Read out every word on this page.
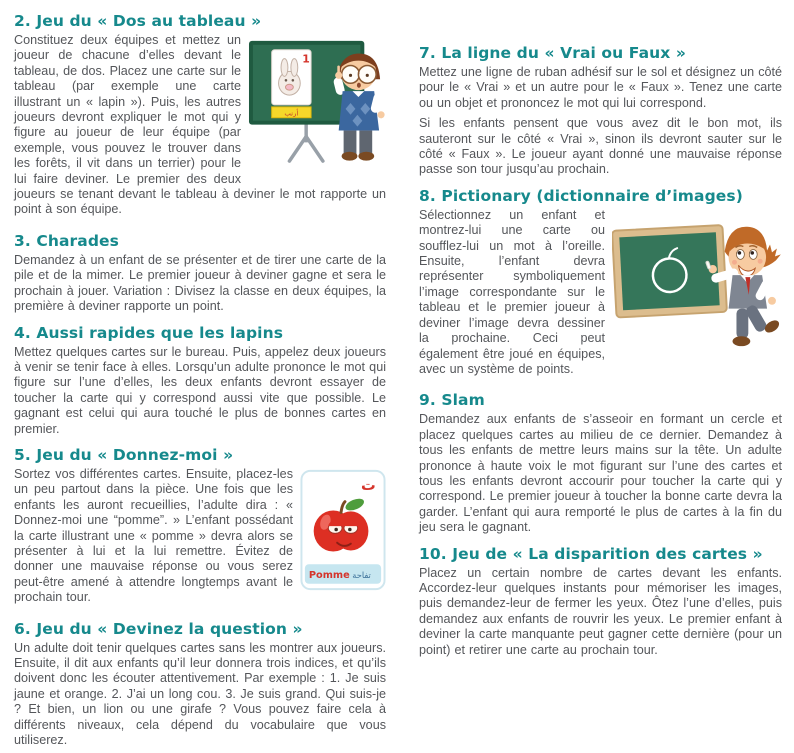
2. Jeu du « Dos au tableau »
1
أرنب

Constituez deux équipes et mettez un joueur de chacune d’elles devant le tableau, de dos. Placez une carte sur le tableau (par exemple une carte illustrant un « lapin »). Puis, les autres joueurs devront expliquer le mot qui y figure au joueur de leur équipe (par exemple, vous pouvez le trouver dans les forêts, il vit dans un terrier) pour le lui faire deviner. Le premier des deux joueurs se tenant devant le tableau à deviner le mot rapporte un point à son équipe.

3. Charades

Demandez à un enfant de se présenter et de tirer une carte de la pile et de la mimer. Le premier joueur à deviner gagne et sera le prochain à jouer. Variation : Divisez la classe en deux équipes, la première à deviner rapporte un point.

4. Aussi rapides que les lapins

Mettez quelques cartes sur le bureau. Puis, appelez deux joueurs à venir se tenir face à elles. Lorsqu’un adulte prononce le mot qui figure sur l’une d’elles, les deux enfants devront essayer de toucher la carte qui y correspond aussi vite que possible. Le gagnant est celui qui aura touché le plus de bonnes cartes en premier.

5. Jeu du « Donnez-moi »
ت
Pomme تفاحة

Sortez vos différentes cartes. Ensuite, placez-les un peu partout dans la pièce. Une fois que les enfants les auront recueillies, l’adulte dira : « Donnez-moi une “pomme”. » L’enfant possédant la carte illustrant une « pomme » devra alors se présenter à lui et la lui remettre. Évitez de donner une mauvaise réponse ou vous serez peut-être amené à attendre longtemps avant le prochain tour.

6. Jeu du « Devinez la question »

Un adulte doit tenir quelques cartes sans les montrer aux joueurs. Ensuite, il dit aux enfants qu’il leur donnera trois indices, et qu’ils doivent donc les écouter attentivement. Par exemple : 1. Je suis jaune et orange. 2. J’ai un long cou. 3. Je suis grand. Qui suis-je ? Et bien, un lion ou une girafe ? Vous pouvez faire cela à différents niveaux, cela dépend du vocabulaire que vous utiliserez.

7. La ligne du « Vrai ou Faux »

Mettez une ligne de ruban adhésif sur le sol et désignez un côté pour le « Vrai » et un autre pour le « Faux ». Tenez une carte ou un objet et prononcez le mot qui lui correspond.

Si les enfants pensent que vous avez dit le bon mot, ils sauteront sur le côté « Vrai », sinon ils devront sauter sur le côté « Faux ». Le joueur ayant donné une mauvaise réponse passe son tour jusqu’au prochain.

8. Pictionary (dictionnaire d’images)

Sélectionnez un enfant et montrez-lui une carte ou soufflez-lui un mot à l’oreille. Ensuite, l’enfant devra représenter symboliquement l’image correspondante sur le tableau et le premier joueur à deviner l’image devra dessiner la prochaine. Ceci peut également être joué en équipes, avec un système de points.

9. Slam

Demandez aux enfants de s’asseoir en formant un cercle et placez quelques cartes au milieu de ce dernier. Demandez à tous les enfants de mettre leurs mains sur la tête. Un adulte prononce à haute voix le mot figurant sur l’une des cartes et tous les enfants devront accourir pour toucher la carte qui y correspond. Le premier joueur à toucher la bonne carte devra la garder. L’enfant qui aura remporté le plus de cartes à la fin du jeu sera le gagnant.

10. Jeu de « La disparition des cartes »

Placez un certain nombre de cartes devant les enfants. Accordez-leur quelques instants pour mémoriser les images, puis demandez-leur de fermer les yeux. Ôtez l’une d’elles, puis demandez aux enfants de rouvrir les yeux. Le premier enfant à deviner la carte manquante peut gagner cette dernière (pour un point) et retirer une carte au prochain tour.
